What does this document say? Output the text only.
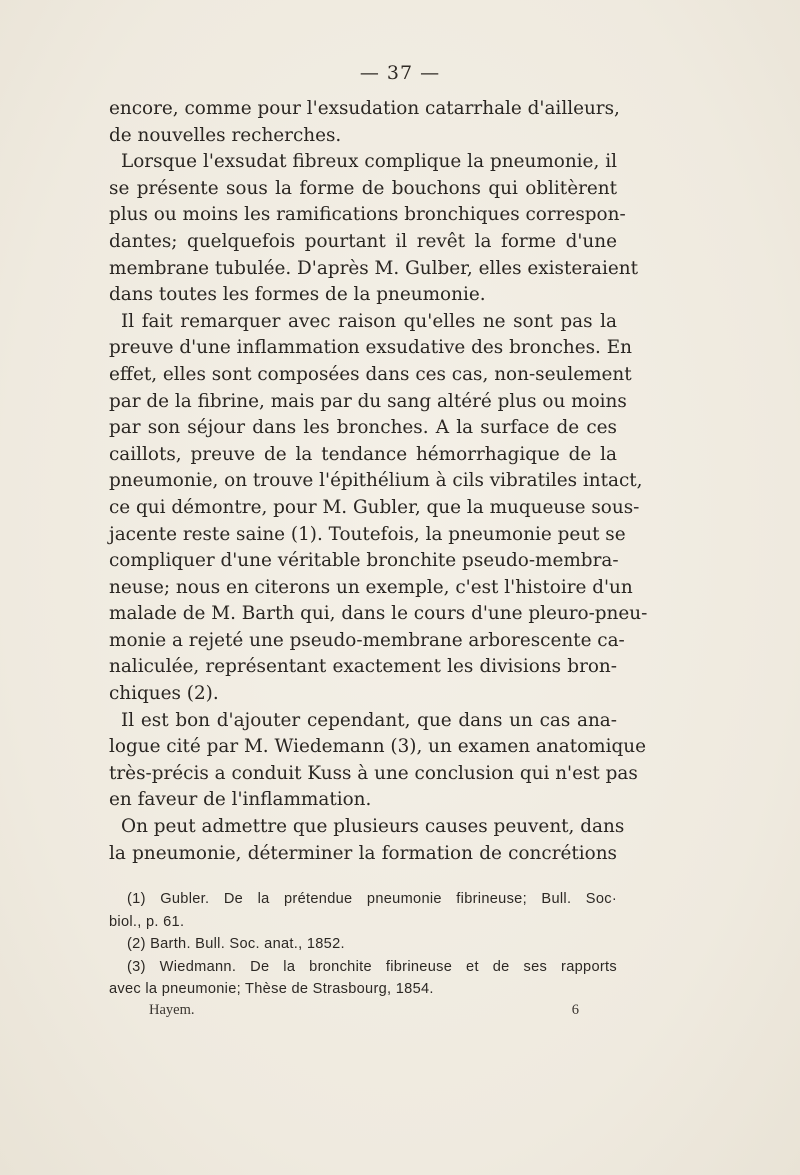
— 37 —
encore, comme pour l'exsudation catarrhale d'ailleurs,
de nouvelles recherches.
Lorsque l'exsudat fibreux complique la pneumonie, il
se présente sous la forme de bouchons qui oblitèrent
plus ou moins les ramifications bronchiques correspon-
dantes; quelquefois pourtant il revêt la forme d'une
membrane tubulée. D'après M. Gulber, elles existeraient
dans toutes les formes de la pneumonie.
Il fait remarquer avec raison qu'elles ne sont pas la
preuve d'une inflammation exsudative des bronches. En
effet, elles sont composées dans ces cas, non-seulement
par de la fibrine, mais par du sang altéré plus ou moins
par son séjour dans les bronches. A la surface de ces
caillots, preuve de la tendance hémorrhagique de la
pneumonie, on trouve l'épithélium à cils vibratiles intact,
ce qui démontre, pour M. Gubler, que la muqueuse sous-
jacente reste saine (1). Toutefois, la pneumonie peut se
compliquer d'une véritable bronchite pseudo-membra-
neuse; nous en citerons un exemple, c'est l'histoire d'un
malade de M. Barth qui, dans le cours d'une pleuro-pneu-
monie a rejeté une pseudo-membrane arborescente ca-
naliculée, représentant exactement les divisions bron-
chiques (2).
Il est bon d'ajouter cependant, que dans un cas ana-
logue cité par M. Wiedemann (3), un examen anatomique
très-précis a conduit Kuss à une conclusion qui n'est pas
en faveur de l'inflammation.
On peut admettre que plusieurs causes peuvent, dans
la pneumonie, déterminer la formation de concrétions
(1) Gubler. De la prétendue pneumonie fibrineuse; Bull. Soc·
biol., p. 61.
(2) Barth. Bull. Soc. anat., 1852.
(3) Wiedmann. De la bronchite fibrineuse et de ses rapports
avec la pneumonie; Thèse de Strasbourg, 1854.
Hayem.	6
